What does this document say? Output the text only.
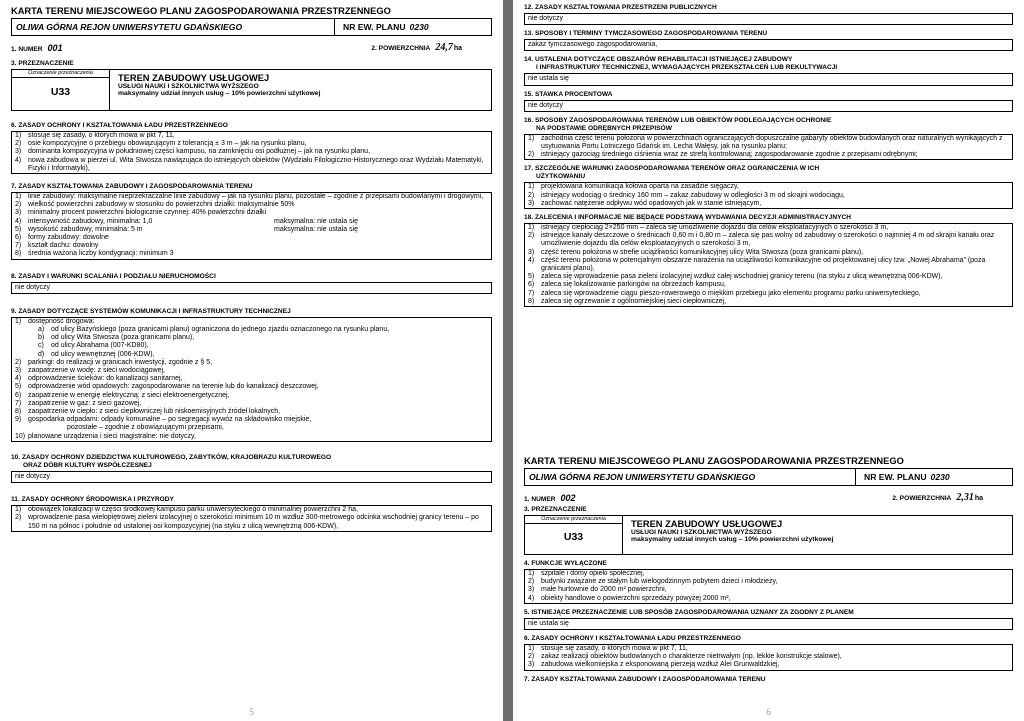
KARTA TERENU MIEJSCOWEGO PLANU ZAGOSPODAROWANIA PRZESTRZENNEGO
OLIWA GÓRNA REJON UNIWERSYTETU GDAŃSKIEGO	NR EW. PLANU 0230
1. NUMER 001	2. POWIERZCHNIA 24,7ha
3. PRZEZNACZENIE
Oznaczenie przeznaczenia
U33
TEREN ZABUDOWY USŁUGOWEJ
USŁUGI NAUKI I SZKOLNICTWA WYŻSZEGO
maksymalny udział innych usług – 10% powierzchni użytkowej
6. ZASADY OCHRONY I KSZTAŁTOWANIA ŁADU PRZESTRZENNEGO
1) stosuje się zasady, o których mowa w pkt 7, 11,
2) osie kompozycyjne o przebiegu obowiązującym z tolerancją ± 3 m – jak na rysunku planu,
3) dominanta kompozycyjna w południowej części kampusu, na zamknięciu osi podłużnej – jak na rysunku planu,
4) nowa zabudowa w pierzei ul. Wita Stwosza nawiązująca do istniejących obiektów (Wydziału Filologiczno-Historycznego oraz Wydziału Matematyki, Fizyki i Informatyki),
7. ZASADY KSZTAŁTOWANIA ZABUDOWY I ZAGOSPODAROWANIA TERENU
1) linie zabudowy: maksymalne nieprzekraczalne linie zabudowy – jak na rysunku planu, pozostałe – zgodnie z przepisami budowlanymi i drogowymi,
2) wielkość powierzchni zabudowy w stosunku do powierzchni działki: maksymalnie 50%
3) minimalny procent powierzchni biologicznie czynnej: 40% powierzchni działki
4) intensywność zabudowy, minimalna: 1,0	maksymalna: nie ustala się
5) wysokość zabudowy, minimalna: 5 m	maksymalna: nie ustala się
6) formy zabudowy: dowolne
7) kształt dachu: dowolny
8) średnia ważona liczby kondygnacji: minimum 3
8. ZASADY I WARUNKI SCALANIA I PODZIAŁU NIERUCHOMOŚCI
nie dotyczy
9. ZASADY DOTYCZĄCE SYSTEMÓW KOMUNIKACJI I INFRASTRUKTURY TECHNICZNEJ
1) dostępność drogowa:
a) od ulicy Bażyńskiego (poza granicami planu) ograniczona do jednego zjazdu oznaczonego na rysunku planu,
b) od ulicy Wita Stwosza (poza granicami planu),
c)	od ulicy Abrahama (007-KD80),
d) od ulicy wewnętrznej (006-KDW),
2) parkingi: do realizacji w granicach inwestycji, zgodnie z § 5,
3) zaopatrzenie w wodę: z sieci wodociągowej,
4) odprowadzenie ścieków: do kanalizacji sanitarnej,
5) odprowadzenie wód opadowych: zagospodarowanie na terenie lub do kanalizacji deszczowej,
6) zaopatrzenie w energię elektryczną: z sieci elektroenergetycznej,
7) zaopatrzenie w gaz: z sieci gazowej,
8) zaopatrzenie w ciepło: z sieci ciepłowniczej lub niskoemisyjnych źródeł lokalnych,
9) gospodarka odpadami: odpady komunalne – po segregacji wywóz na składowisko miejskie,
pozostałe – zgodnie z obowiązującymi przepisami,
10) planowane urządzenia i sieci magistralne: nie dotyczy,
10. ZASADY OCHRONY DZIEDZICTWA KULTUROWEGO, ZABYTKÓW, KRAJOBRAZU KULTUROWEGO
ORAZ DÓBR KULTURY WSPÓŁCZESNEJ
nie dotyczy
11. ZASADY OCHRONY ŚRODOWISKA I PRZYRODY
1) obowiązek lokalizacji w części środkowej kampusu parku uniwersyteckiego o minimalnej powierzchni 2 ha,
2) wprowadzenie pasa wielopiętrowej zieleni izolacyjnej o szerokości minimum 10 m wzdłuż 300-metrowego odcinka wschodniej granicy terenu – po 150 m na północ i południe od ustalonej osi kompozycyjnej (na styku z ulicą wewnętrzną 006-KDW),
5
12. ZASADY KSZTAŁTOWANIA PRZESTRZENI PUBLICZNYCH
nie dotyczy
13. SPOSOBY I TERMINY TYMCZASOWEGO ZAGOSPODAROWANIA TERENU
zakaz tymczasowego zagospodarowania,
14. USTALENIA DOTYCZĄCE OBSZARÓW REHABILITACJI ISTNIEJĄCEJ ZABUDOWY
I INFRASTRUKTURY TECHNICZNEJ, WYMAGAJĄCYCH PRZEKSZTAŁCEŃ LUB REKULTYWACJI
nie ustala się
15. STAWKA PROCENTOWA
nie dotyczy
16. SPOSOBY ZAGOSPODAROWANIA TERENÓW LUB OBIEKTÓW PODLEGAJĄCYCH OCHRONIE
NA PODSTAWIE ODRĘBNYCH PRZEPISÓW
1) zachodnia część terenu położona w powierzchniach ograniczających dopuszczalne gabaryty obiektów budowlanych oraz naturalnych wynikających z usytuowania Portu Lotniczego Gdańsk im. Lecha Wałęsy, jak na rysunku planu;
2) istniejący gazociąg średniego ciśnienia wraz ze strefą kontrolowaną; zagospodarowanie zgodnie z przepisami odrębnymi;
17. SZCZEGÓLNE WARUNKI ZAGOSPODAROWANIA TERENÓW ORAZ OGRANICZENIA W ICH
UŻYTKOWANIU
1) projektowana komunikacja kołowa oparta na zasadzie sięgaczy,
2) istniejący wodociąg o średnicy 160 mm – zakaz zabudowy w odległości 3 m od skrajni wodociągu,
3) zachować natężenie odpływu wód opadowych jak w stanie istniejącym,
18. ZALECENIA I INFORMACJE NIE BĘDĄCE PODSTAWĄ WYDAWANIA DECYZJI ADMINISTRACYJNYCH
1) istniejący ciepłociąg 2×250 mm – zaleca się umożliwienie dojazdu dla celów eksploatacyjnych o szerokości 3 m,
2) istniejące kanały deszczowe o średnicach 0,60 m i 0,80 m – zaleca się pas wolny od zabudowy o szerokości o najmniej 4 m od skrajni kanału oraz umożliwienie dojazdu dla celów eksploatacyjnych o szerokości 3 m,
3) część terenu położona w strefie uciążliwości komunikacyjnej ulicy Wita Stwosza (poza granicami planu),
4) część terenu położona w potencjalnym obszarze narażenia na uciążliwości komunikacyjne od projektowanej ulicy tzw. „Nowej Abrahama” (poza granicami planu),
5) zaleca się wprowadzenie pasa zieleni izolacyjnej wzdłuż całej wschodniej granicy terenu (na styku z ulicą wewnętrzną 006-KDW),
6) zaleca się lokalizowanie parkingów na obrzeżach kampusu,
7) zaleca się wprowadzenie ciągu pieszo-rowerowego o miękkim przebiegu jako elementu programu parku uniwersyteckiego,
8) zaleca się ogrzewanie z ogólnomiejskiej sieci ciepłowniczej,
KARTA TERENU MIEJSCOWEGO PLANU ZAGOSPODAROWANIA PRZESTRZENNEGO
OLIWA GÓRNA REJON UNIWERSYTETU GDAŃSKIEGO	NR EW. PLANU 0230
1. NUMER 002	2. POWIERZCHNIA 2,31ha
3. PRZEZNACZENIE
Oznaczenie przeznaczenia
U33
TEREN ZABUDOWY USŁUGOWEJ
USŁUGI NAUKI I SZKOLNICTWA WYŻSZEGO
maksymalny udział innych usług – 10% powierzchni użytkowej
4. FUNKCJE WYŁĄCZONE
1) szpitale i domy opieki społecznej,
2) budynki związane ze stałym lub wielogodzinnym pobytem dzieci i młodzieży,
3) małe hurtownie do 2000 m² powierzchni,
4) obiekty handlowe o powierzchni sprzedaży powyżej 2000 m²,
5. ISTNIEJĄCE PRZEZNACZENIE LUB SPOSÓB ZAGOSPODAROWANIA UZNANY ZA ZGODNY Z PLANEM
nie ustala się
6. ZASADY OCHRONY I KSZTAŁTOWANIA ŁADU PRZESTRZENNEGO
1) stosuje się zasady, o których mowa w pkt 7, 11,
2) zakaz realizacji obiektów budowlanych o charakterze nietrwałym (np. lekkie konstrukcje stalowe),
3) zabudowa wielkomiejska z eksponowaną pierzeją wzdłuż Alei Grunwaldzkiej,
7. ZASADY KSZTAŁTOWANIA ZABUDOWY I ZAGOSPODAROWANIA TERENU
6
